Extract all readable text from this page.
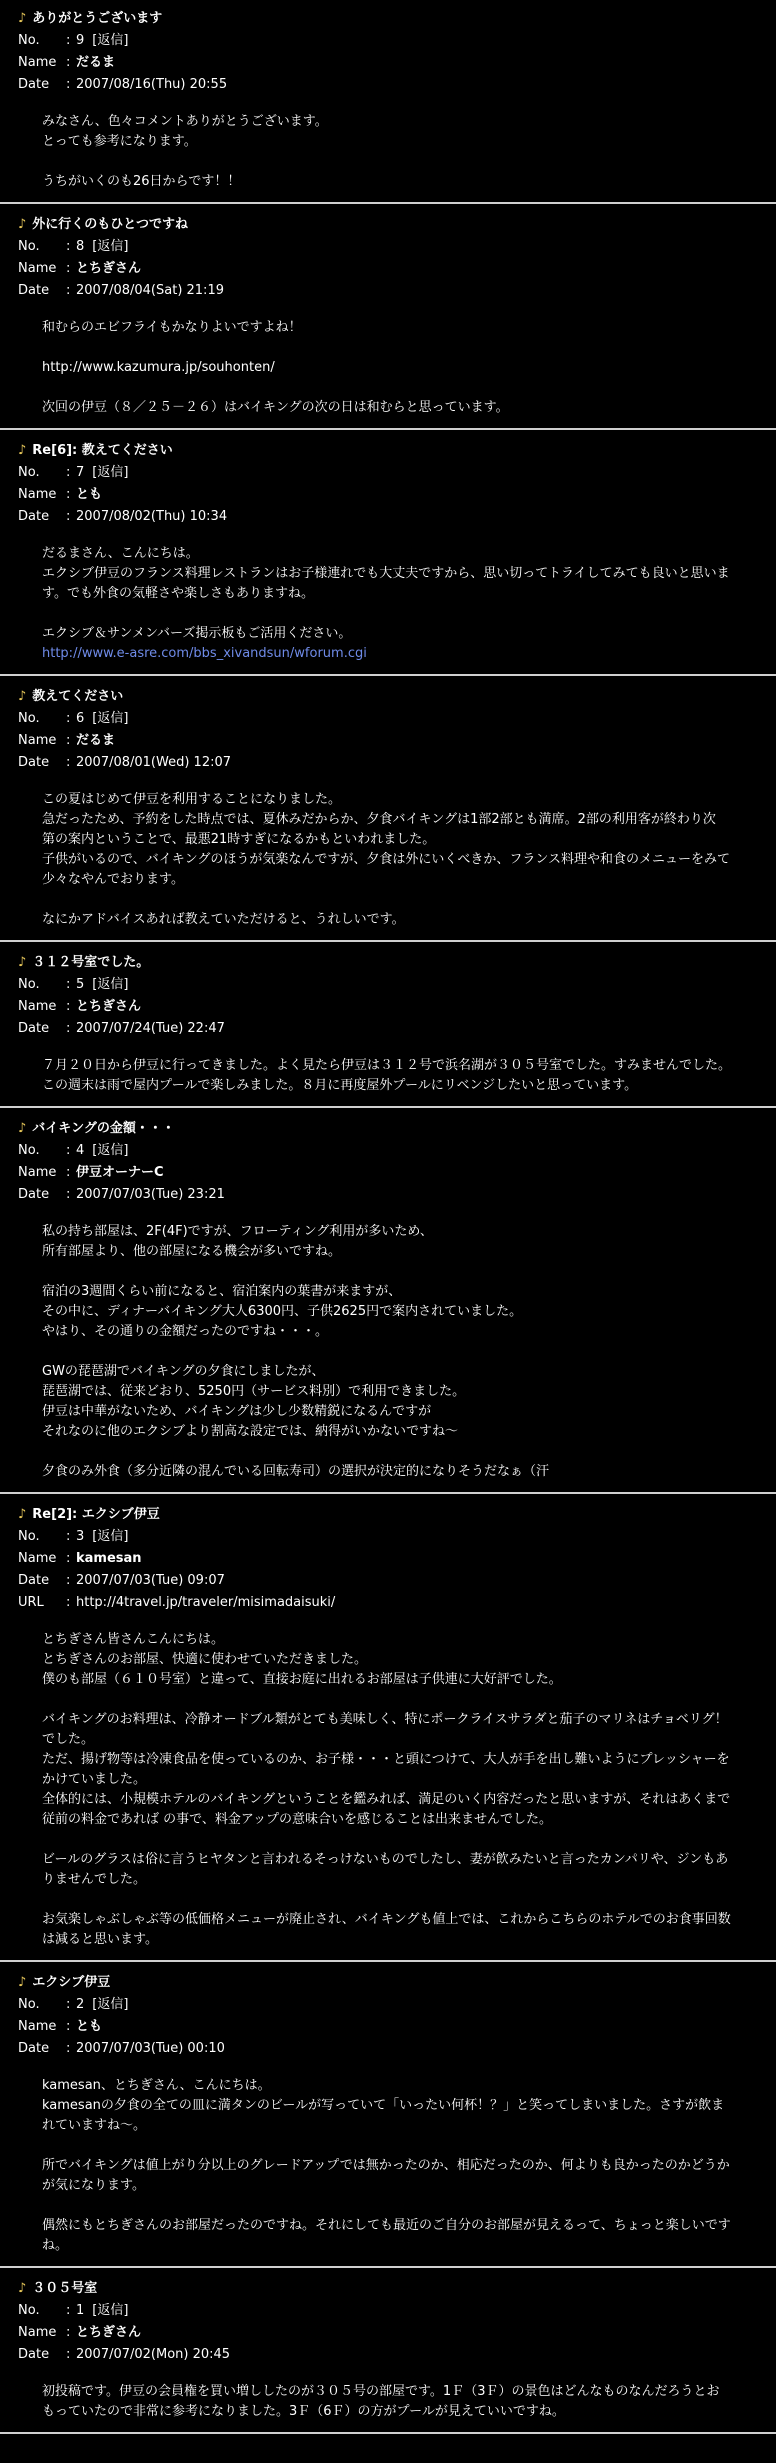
♪ ありがとうございます
No.	: 9 [返信]
Name : だるま
Date	: 2007/08/16(Thu) 20:55

みなさん、色々コメントありがとうございます。

とっても参考になります。

うちがいくのも26日からです！！

♪ 外に行くのもひとつですね
No.	: 8 [返信]
Name : とちぎさん
Date	: 2007/08/04(Sat) 21:19

和むらのエビフライもかなりよいですよね！

http://www.kazumura.jp/souhonten/

次回の伊豆（８／２５－２６）はバイキングの次の日は和むらと思っています。

♪ Re[6]: 教えてください
No.	: 7 [返信]
Name : とも
Date	: 2007/08/02(Thu) 10:34

だるまさん、こんにちは。

エクシブ伊豆のフランス料理レストランはお子様連れでも大丈夫ですから、思い切ってトライしてみても良いと思いま

す。でも外食の気軽さや楽しさもありますね。

エクシブ＆サンメンバーズ掲示板もご活用ください。

http://www.e-asre.com/bbs_xivandsun/wforum.cgi

♪ 教えてください
No.	: 6 [返信]
Name : だるま
Date	: 2007/08/01(Wed) 12:07

この夏はじめて伊豆を利用することになりました。

急だったため、予約をした時点では、夏休みだからか、夕食バイキングは1部2部とも満席。2部の利用客が終わり次

第の案内ということで、最悪21時すぎになるかもといわれました。

子供がいるので、バイキングのほうが気楽なんですが、夕食は外にいくべきか、フランス料理や和食のメニューをみて

少々なやんでおります。

なにかアドバイスあれば教えていただけると、うれしいです。

♪ ３１２号室でした。
No.	: 5 [返信]
Name : とちぎさん
Date	: 2007/07/24(Tue) 22:47

７月２０日から伊豆に行ってきました。よく見たら伊豆は３１２号で浜名湖が３０５号室でした。すみませんでした。

この週末は雨で屋内プールで楽しみました。８月に再度屋外プールにリベンジしたいと思っています。

♪ バイキングの金額・・・
No.	: 4 [返信]
Name : 伊豆オーナーC
Date	: 2007/07/03(Tue) 23:21

私の持ち部屋は、2F(4F)ですが、フローティング利用が多いため、

所有部屋より、他の部屋になる機会が多いですね。

宿泊の3週間くらい前になると、宿泊案内の葉書が来ますが、

その中に、ディナーバイキング大人6300円、子供2625円で案内されていました。

やはり、その通りの金額だったのですね・・・。

GWの琵琶湖でバイキングの夕食にしましたが、

琵琶湖では、従来どおり、5250円（サービス料別）で利用できました。

伊豆は中華がないため、バイキングは少し少数精鋭になるんですが

それなのに他のエクシブより割高な設定では、納得がいかないですね〜

夕食のみ外食（多分近隣の混んでいる回転寿司）の選択が決定的になりそうだなぁ（汗

♪ Re[2]: エクシブ伊豆
No.	: 3 [返信]
Name : kamesan
Date	: 2007/07/03(Tue) 09:07
URL	: http://4travel.jp/traveler/misimadaisuki/

とちぎさん皆さんこんにちは。

とちぎさんのお部屋、快適に使わせていただきました。

僕のも部屋（６１０号室）と違って、直接お庭に出れるお部屋は子供連に大好評でした。

バイキングのお料理は、冷静オードブル類がとても美味しく、特にポークライスサラダと茄子のマリネはチョベリグ！

でした。

ただ、揚げ物等は冷凍食品を使っているのか、お子様・・・と頭につけて、大人が手を出し難いようにプレッシャーを

かけていました。

全体的には、小規模ホテルのバイキングということを鑑みれば、満足のいく内容だったと思いますが、それはあくまで

従前の料金であれば の事で、料金アップの意味合いを感じることは出来ませんでした。

ビールのグラスは俗に言うヒヤタンと言われるそっけないものでしたし、妻が飲みたいと言ったカンパリや、ジンもあ

りませんでした。

お気楽しゃぶしゃぶ等の低価格メニューが廃止され、バイキングも値上では、これからこちらのホテルでのお食事回数

は減ると思います。

♪ エクシブ伊豆
No.	: 2 [返信]
Name : とも
Date	: 2007/07/03(Tue) 00:10

kamesan、とちぎさん、こんにちは。

kamesanの夕食の全ての皿に満タンのビールが写っていて「いったい何杯！？」と笑ってしまいました。さすが飲ま

れていますね〜。

所でバイキングは値上がり分以上のグレードアップでは無かったのか、相応だったのか、何よりも良かったのかどうか

が気になります。

偶然にもとちぎさんのお部屋だったのですね。それにしても最近のご自分のお部屋が見えるって、ちょっと楽しいです

ね。

♪ ３０５号室
No.	: 1 [返信]
Name : とちぎさん
Date	: 2007/07/02(Mon) 20:45

初投稿です。伊豆の会員権を買い増ししたのが３０５号の部屋です。1Ｆ（3Ｆ）の景色はどんなものなんだろうとお

もっていたので非常に参考になりました。3Ｆ（6Ｆ）の方がプールが見えていいですね。
